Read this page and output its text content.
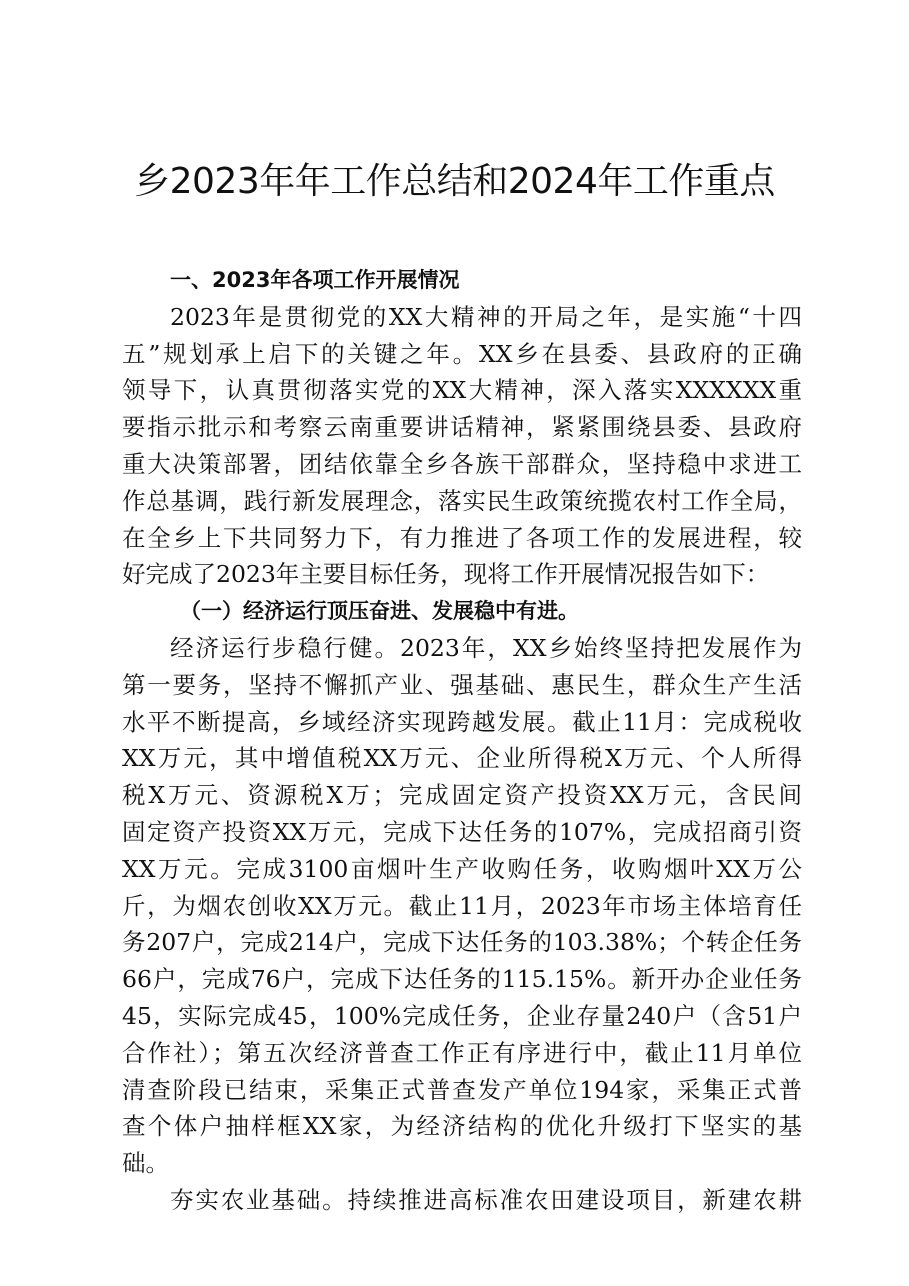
乡2023年年工作总结和2024年工作重点
一、2023年各项工作开展情况
2023年是贯彻党的XX大精神的开局之年，是实施“十四
五”规划承上启下的关键之年。XX乡在县委、县政府的正确
领导下，认真贯彻落实党的XX大精神，深入落实XXXXXX重
要指示批示和考察云南重要讲话精神，紧紧围绕县委、县政府
重大决策部署，团结依靠全乡各族干部群众，坚持稳中求进工
作总基调，践行新发展理念，落实民生政策统揽农村工作全局，
在全乡上下共同努力下，有力推进了各项工作的发展进程，较
好完成了2023年主要目标任务，现将工作开展情况报告如下：
（一）经济运行顶压奋进、发展稳中有进。
经济运行步稳行健。2023年，XX乡始终坚持把发展作为
第一要务，坚持不懈抓产业、强基础、惠民生，群众生产生活
水平不断提高，乡域经济实现跨越发展。截止11月：完成税收
XX万元，其中增值税XX万元、企业所得税X万元、个人所得
税X万元、资源税X万；完成固定资产投资XX万元，含民间
固定资产投资XX万元，完成下达任务的107%，完成招商引资
XX万元。完成3100亩烟叶生产收购任务，收购烟叶XX万公
斤，为烟农创收XX万元。截止11月，2023年市场主体培育任
务207户，完成214户，完成下达任务的103.38%；个转企任务
66户，完成76户，完成下达任务的115.15%。新开办企业任务
45，实际完成45，100%完成任务，企业存量240户（含51户
合作社）；第五次经济普查工作正有序进行中，截止11月单位
清查阶段已结束，采集正式普查发产单位194家，采集正式普
查个体户抽样框XX家，为经济结构的优化升级打下坚实的基
础。
夯实农业基础。持续推进高标准农田建设项目，新建农耕
